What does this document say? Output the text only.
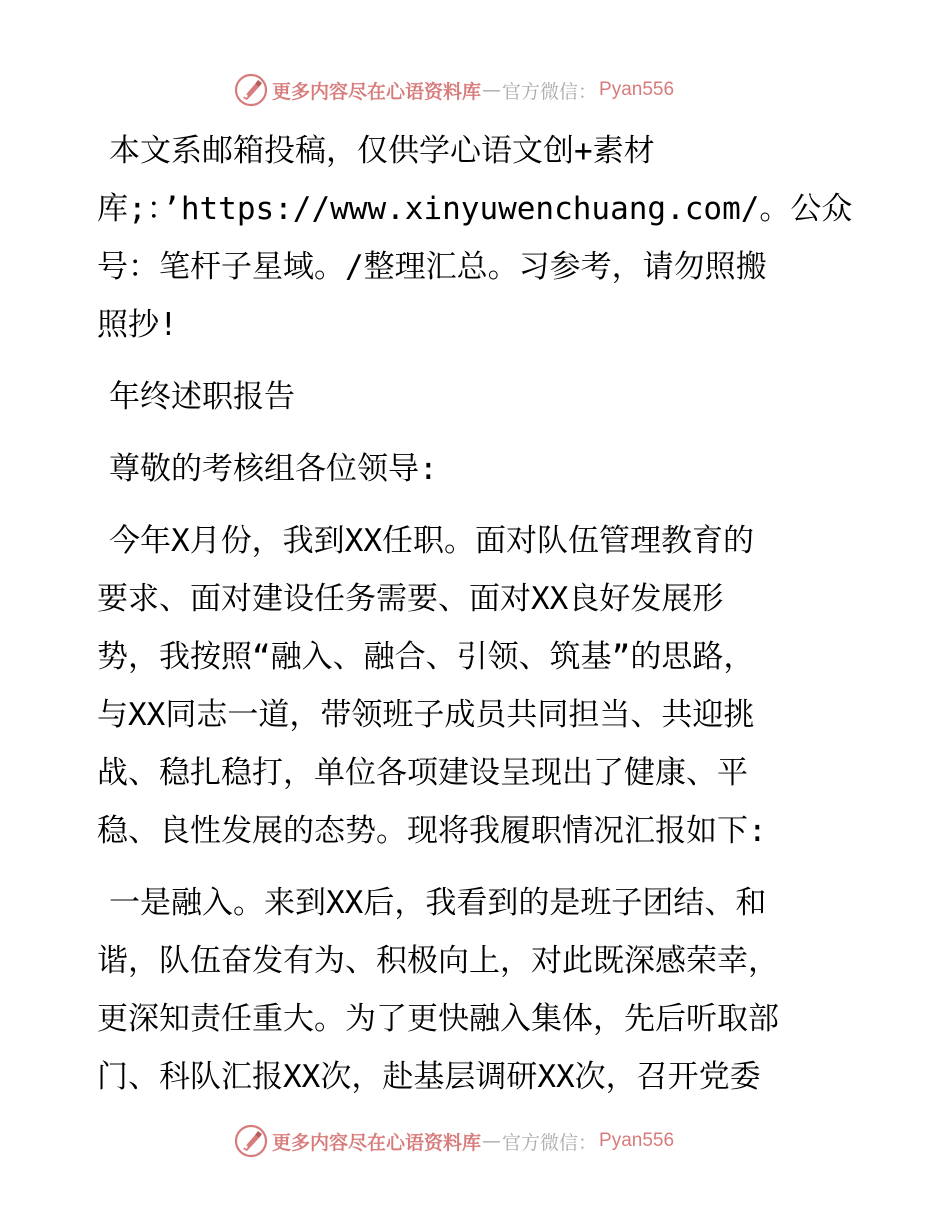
更多内容尽在心语资料库 — 官方微信： Pyan556
本文系邮箱投稿，仅供学心语文创+素材
库;：’https://www.xinyuwenchuang.com/。公众
号：笔杆子星域。/整理汇总。习参考，请勿照搬
照抄!
年终述职报告
尊敬的考核组各位领导:
今年X月份，我到XX任职。面对队伍管理教育的
要求、面对建设任务需要、面对XX良好发展形
势，我按照“融入、融合、引领、筑基”的思路，
与XX同志一道，带领班子成员共同担当、共迎挑
战、稳扎稳打，单位各项建设呈现出了健康、平
稳、良性发展的态势。现将我履职情况汇报如下:
一是融入。来到XX后，我看到的是班子团结、和
谐，队伍奋发有为、积极向上，对此既深感荣幸，
更深知责任重大。为了更快融入集体，先后听取部
门、科队汇报XX次，赴基层调研XX次，召开党委
更多内容尽在心语资料库 — 官方微信： Pyan556
